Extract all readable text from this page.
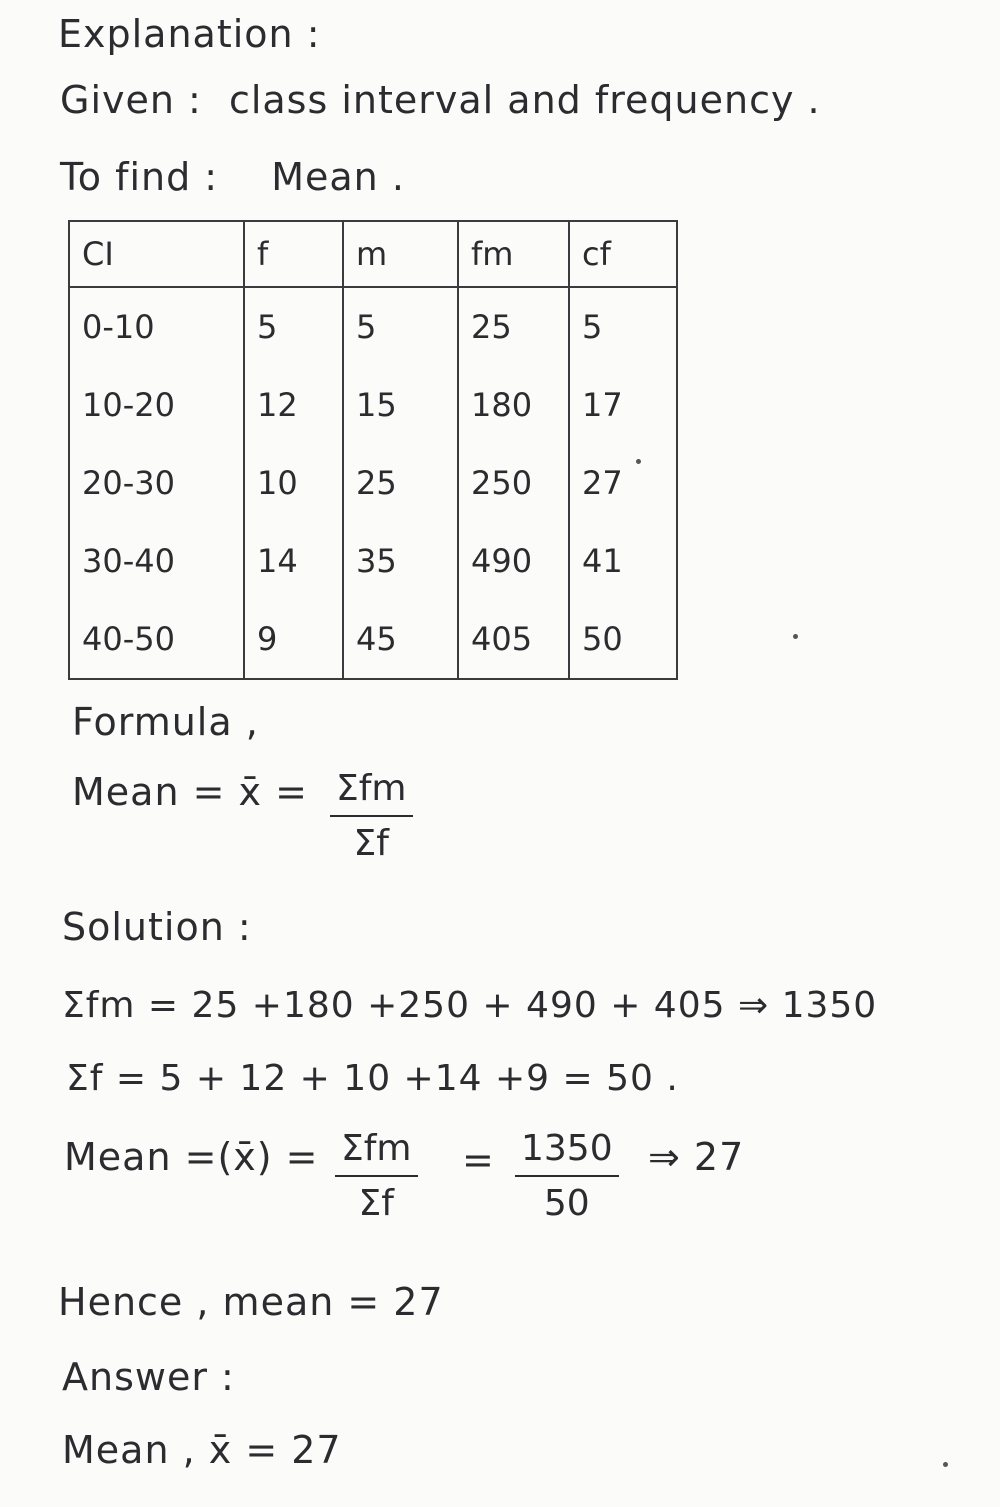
Explanation :
Given : class interval and frequency .
To find : Mean .
CI	f	m	fm	cf
0-10	5	5	25	5
10-20	12	15	180	17
20-30	10	25	250	27
30-40	14	35	490	41
40-50	9	45	405	50
Formula ,
Mean = x̄ = Σfm
Σf
Solution :
Σfm = 25 +180 +250 + 490 + 405 ⇒ 1350
Σf = 5 + 12 + 10 +14 +9 = 50 .
Mean =(x̄) = Σfm
Σf
= $\frac{1350}{50}$ ⇒ 27
Hence , mean = 27
Answer :
Mean , x̄ = 27
